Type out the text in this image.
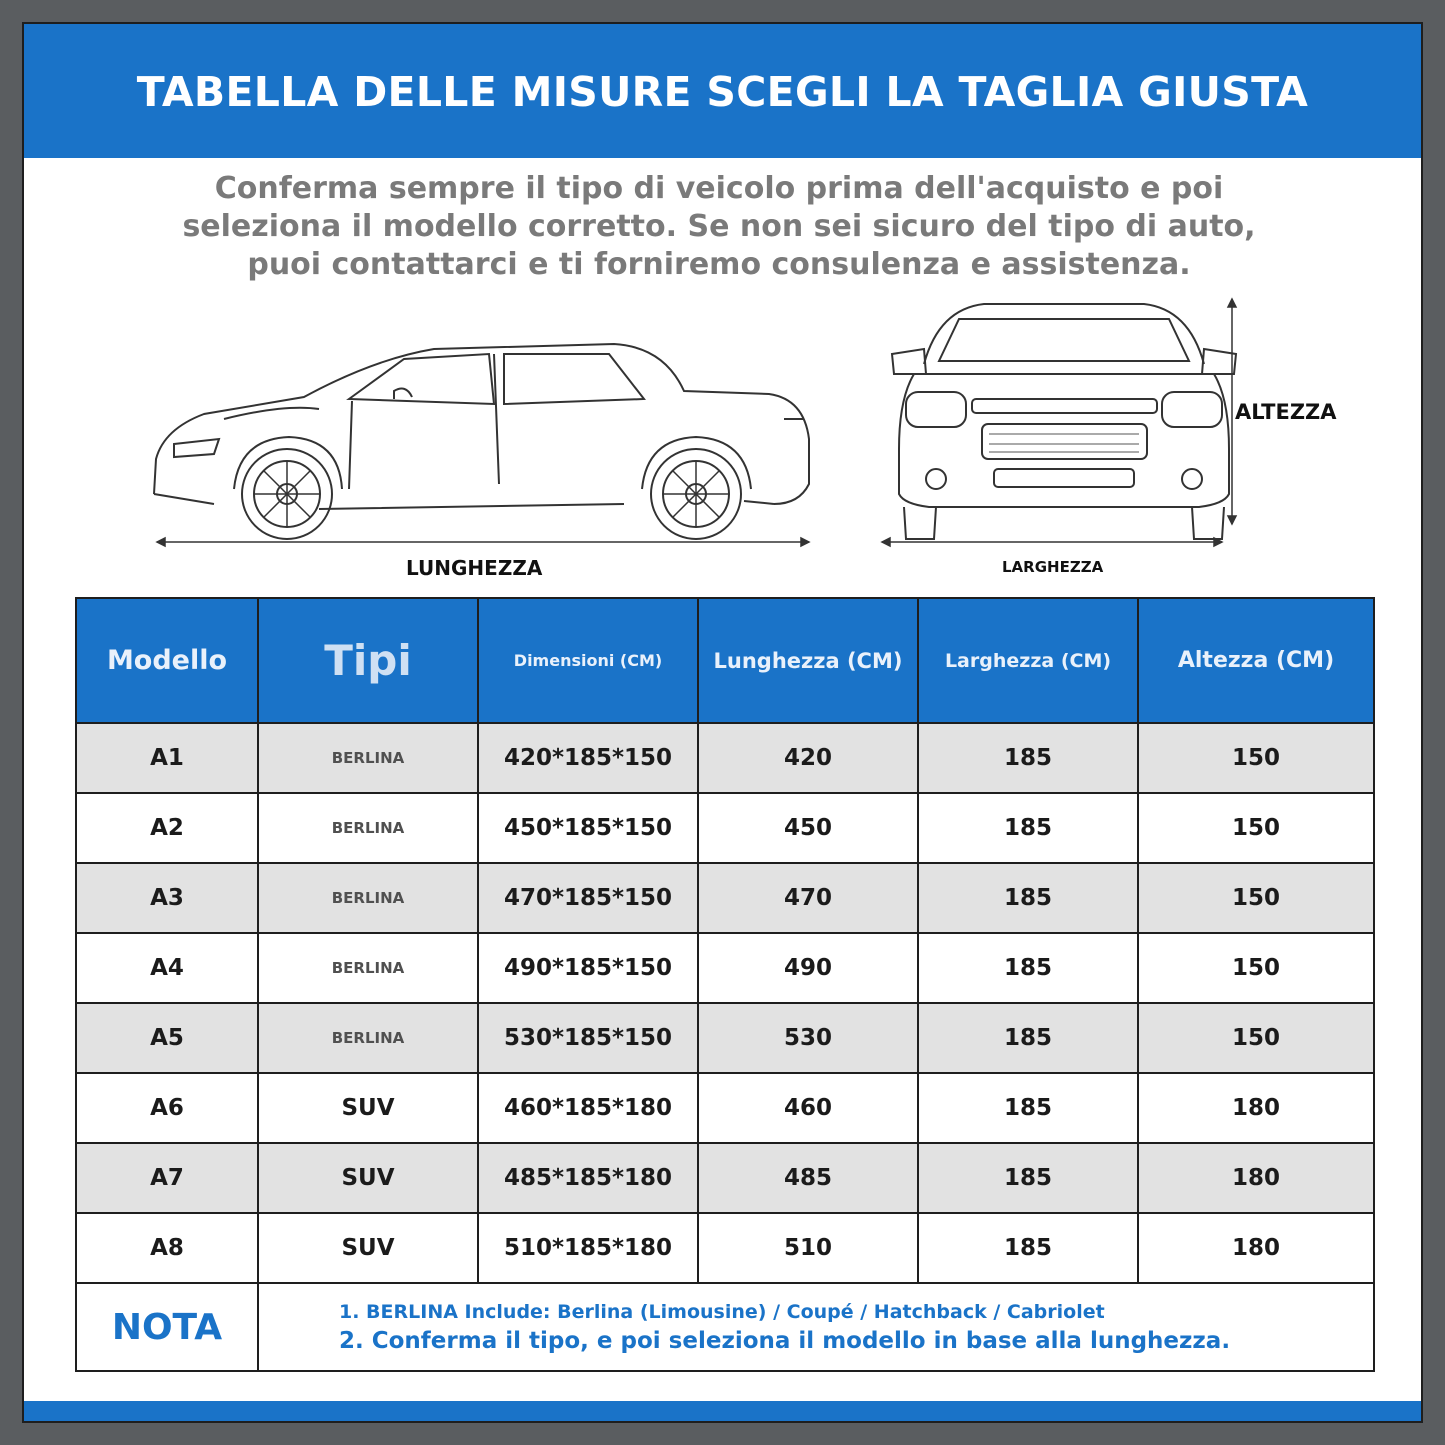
TABELLA DELLE MISURE SCEGLI LA TAGLIA GIUSTA
Conferma sempre il tipo di veicolo prima dell'acquisto e poi seleziona il modello corretto. Se non sei sicuro del tipo di auto, puoi contattarci e ti forniremo consulenza e assistenza.
LUNGHEZZA	LARGHEZZA
ALTEZZA
Modello	Tipi	Dimensioni (CM)	Lunghezza (CM)	Larghezza (CM)	Altezza (CM)
A1	BERLINA	420*185*150	420	185	150
A2	BERLINA	450*185*150	450	185	150
A3	BERLINA	470*185*150	470	185	150
A4	BERLINA	490*185*150	490	185	150
A5	BERLINA	530*185*150	530	185	150
A6	SUV	460*185*180	460	185	180
A7	SUV	485*185*180	485	185	180
A8	SUV	510*185*180	510	185	180
NOTA	1. BERLINA Include: Berlina (Limousine) / Coupé / Hatchback / Cabriolet
2. Conferma il tipo, e poi seleziona il modello in base alla lunghezza.				
